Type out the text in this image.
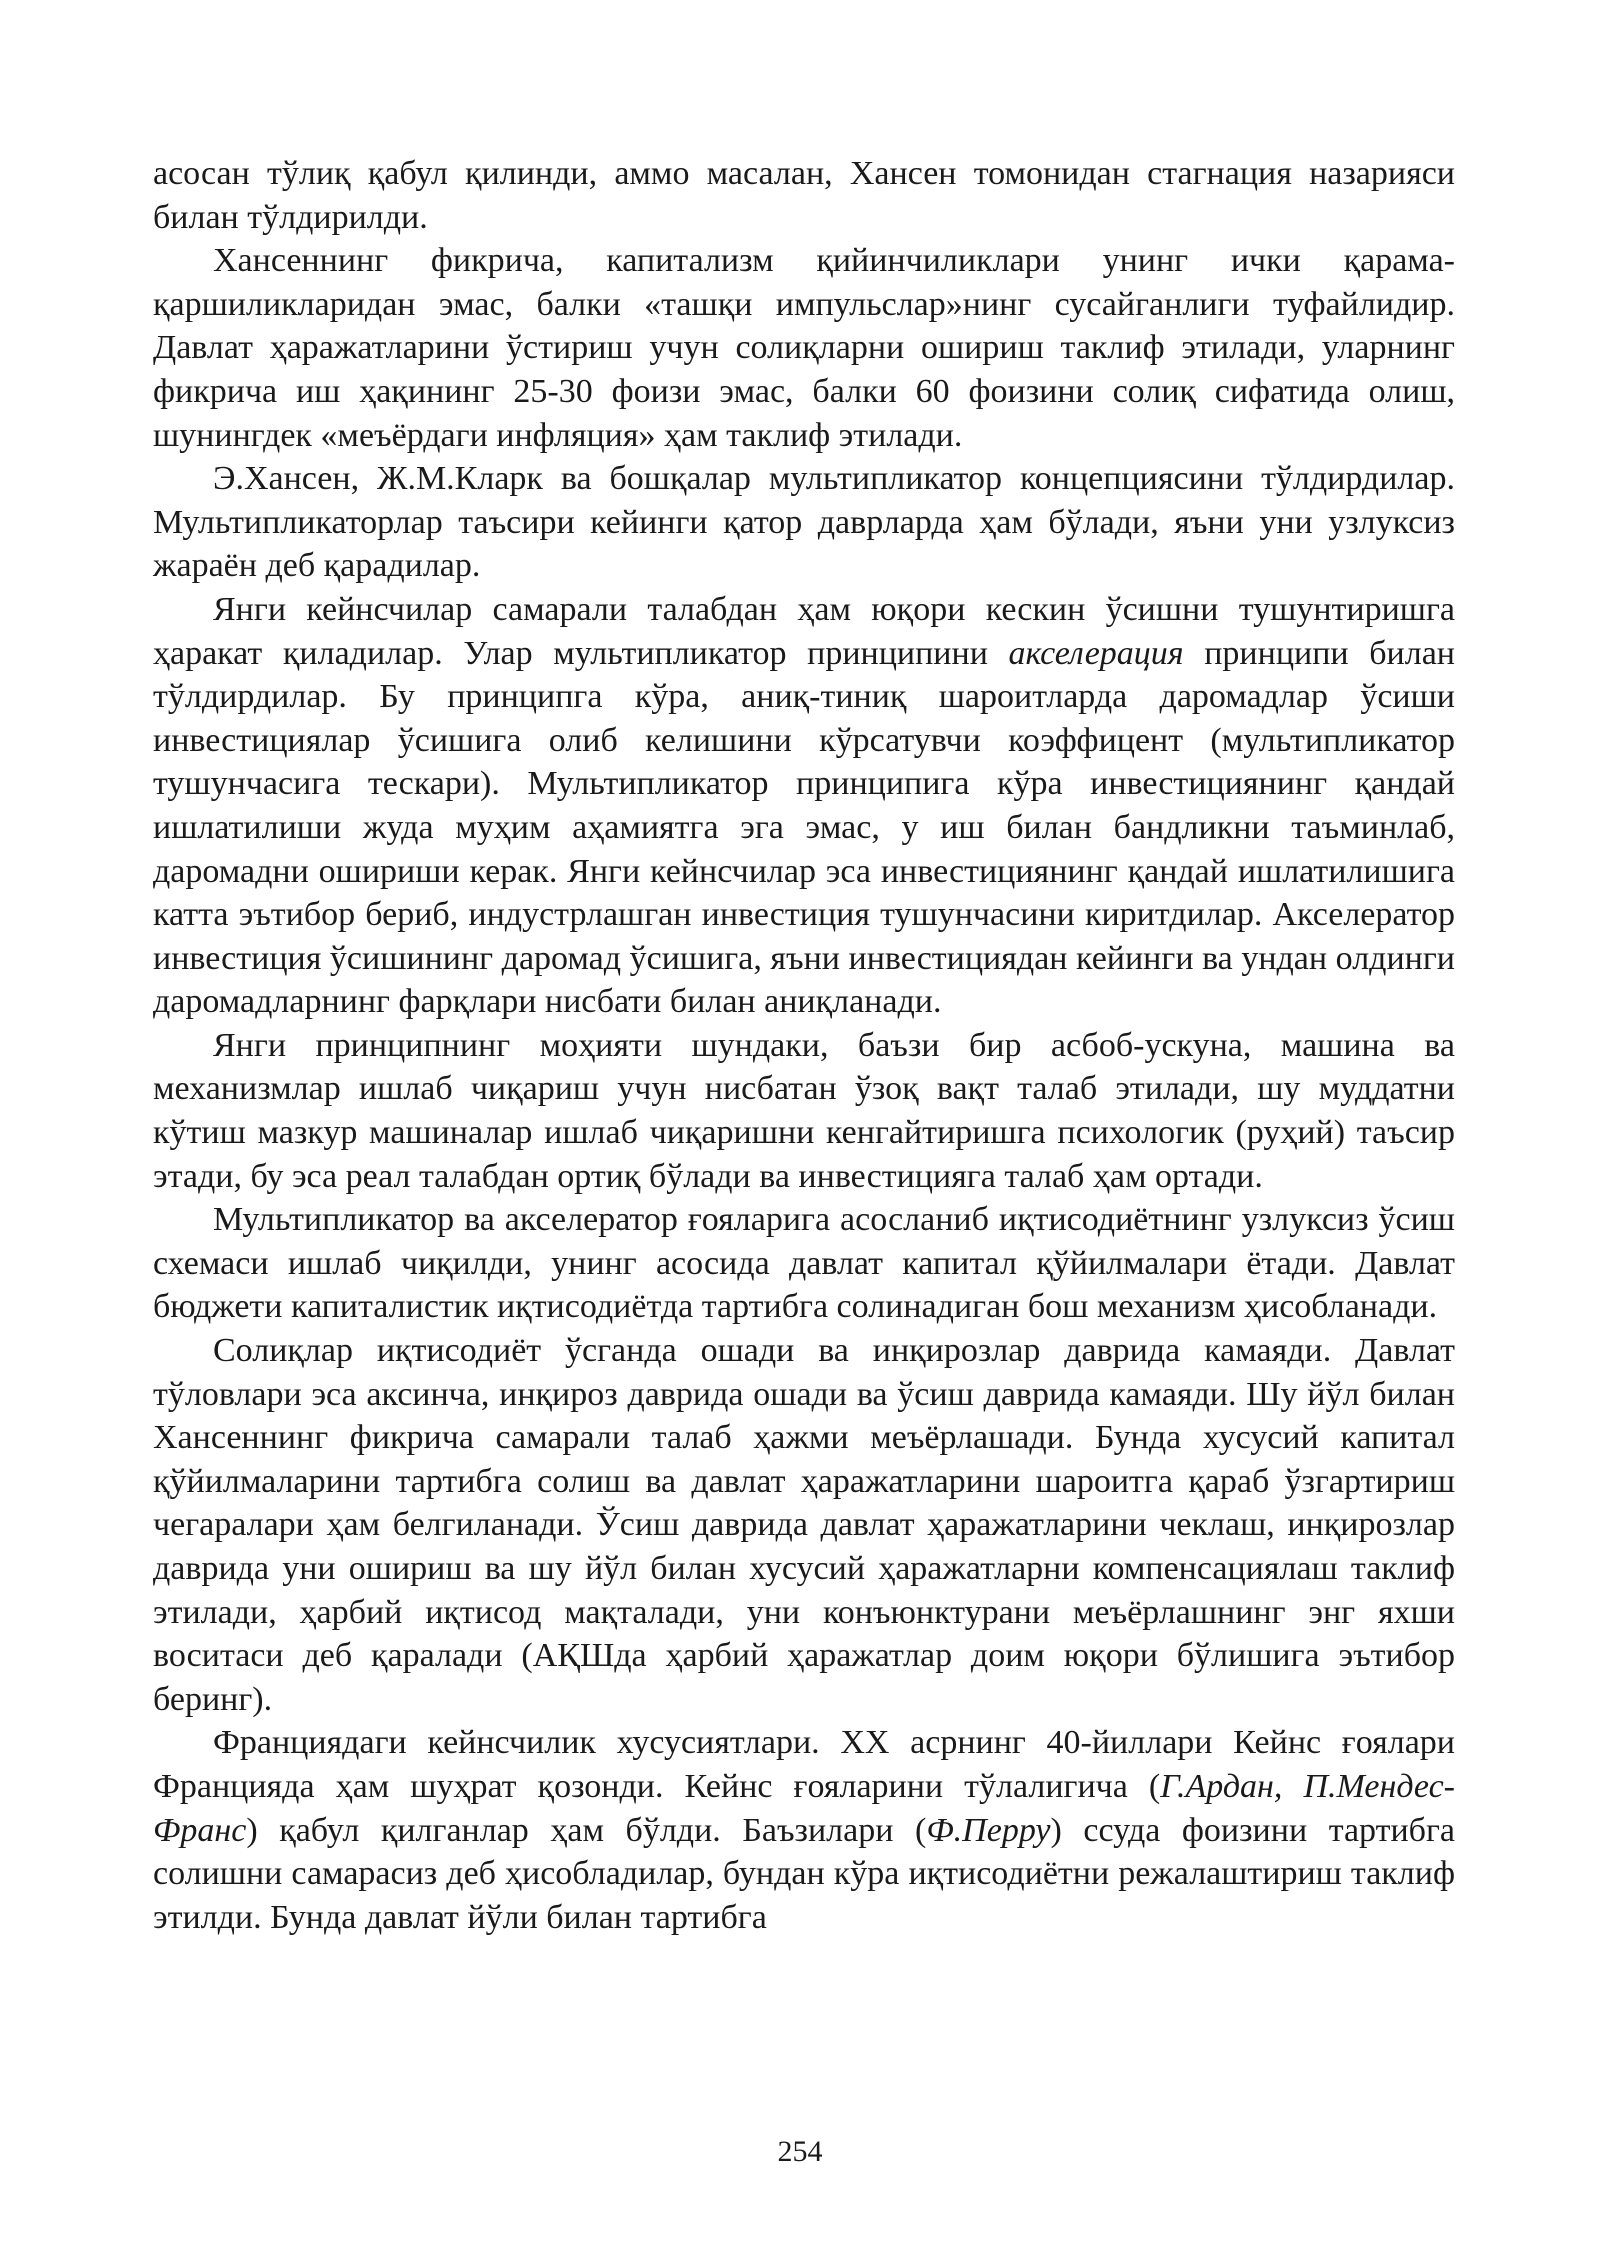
асосан тўлиқ қабул қилинди, аммо масалан, Хансен томонидан стагнация назарияси билан тўлдирилди.

Хансеннинг фикрича, капитализм қийинчиликлари унинг ички қарама-қаршиликларидан эмас, балки «ташқи импульслар»нинг сусайганлиги туфайлидир. Давлат ҳаражатларини ўстириш учун солиқларни ошириш таклиф этилади, уларнинг фикрича иш ҳақининг 25-30 фоизи эмас, балки 60 фоизини солиқ сифатида олиш, шунингдек «меъёрдаги инфляция» ҳам таклиф этилади.

Э.Хансен, Ж.М.Кларк ва бошқалар мультипликатор концепциясини тўлдирдилар. Мультипликаторлар таъсири кейинги қатор даврларда ҳам бўлади, яъни уни узлуксиз жараён деб қарадилар.

Янги кейнсчилар самарали талабдан ҳам юқори кескин ўсишни тушунтиришга ҳаракат қиладилар. Улар мультипликатор принципини акселерация принципи билан тўлдирдилар. Бу принципга кўра, аниқ-тиниқ шароитларда даромадлар ўсиши инвестициялар ўсишига олиб келишини кўрсатувчи коэффицент (мультипликатор тушунчасига тескари). Мультипликатор принципига кўра инвестициянинг қандай ишлатилиши жуда муҳим аҳамиятга эга эмас, у иш билан бандликни таъминлаб, даромадни ошириши керак. Янги кейнсчилар эса инвестициянинг қандай ишлатилишига катта эътибор бериб, индустрлашган инвестиция тушунчасини киритдилар. Акселератор инвестиция ўсишининг даромад ўсишига, яъни инвестициядан кейинги ва ундан олдинги даромадларнинг фарқлари нисбати билан аниқланади.

Янги принципнинг моҳияти шундаки, баъзи бир асбоб-ускуна, машина ва механизмлар ишлаб чиқариш учун нисбатан ўзоқ вақт талаб этилади, шу муддатни кўтиш мазкур машиналар ишлаб чиқаришни кенгайтиришга психологик (руҳий) таъсир этади, бу эса реал талабдан ортиқ бўлади ва инвестицияга талаб ҳам ортади.

Мультипликатор ва акселератор ғояларига асосланиб иқтисодиётнинг узлуксиз ўсиш схемаси ишлаб чиқилди, унинг асосида давлат капитал қўйилмалари ётади. Давлат бюджети капиталистик иқтисодиётда тартибга солинадиган бош механизм ҳисобланади.

Солиқлар иқтисодиёт ўсганда ошади ва инқирозлар даврида камаяди. Давлат тўловлари эса аксинча, инқироз даврида ошади ва ўсиш даврида камаяди. Шу йўл билан Хансеннинг фикрича самарали талаб ҳажми меъёрлашади. Бунда хусусий капитал қўйилмаларини тартибга солиш ва давлат ҳаражатларини шароитга қараб ўзгартириш чегаралари ҳам белгиланади. Ўсиш даврида давлат ҳаражатларини чеклаш, инқирозлар даврида уни ошириш ва шу йўл билан хусусий ҳаражатларни компенсациялаш таклиф этилади, ҳарбий иқтисод мақталади, уни конъюнктурани меъёрлашнинг энг яхши воситаси деб қаралади (АҚШда ҳарбий ҳаражатлар доим юқори бўлишига эътибор беринг).

Франциядаги кейнсчилик хусусиятлари. XX асрнинг 40-йиллари Кейнс ғоялари Францияда ҳам шуҳрат қозонди. Кейнс ғояларини тўлалигича (Г.Ардан, П.Мендес-Франс) қабул қилганлар ҳам бўлди. Баъзилари (Ф.Перру) ссуда фоизини тартибга солишни самарасиз деб ҳисобладилар, бундан кўра иқтисодиётни режалаштириш таклиф этилди. Бунда давлат йўли билан тартибга

254
